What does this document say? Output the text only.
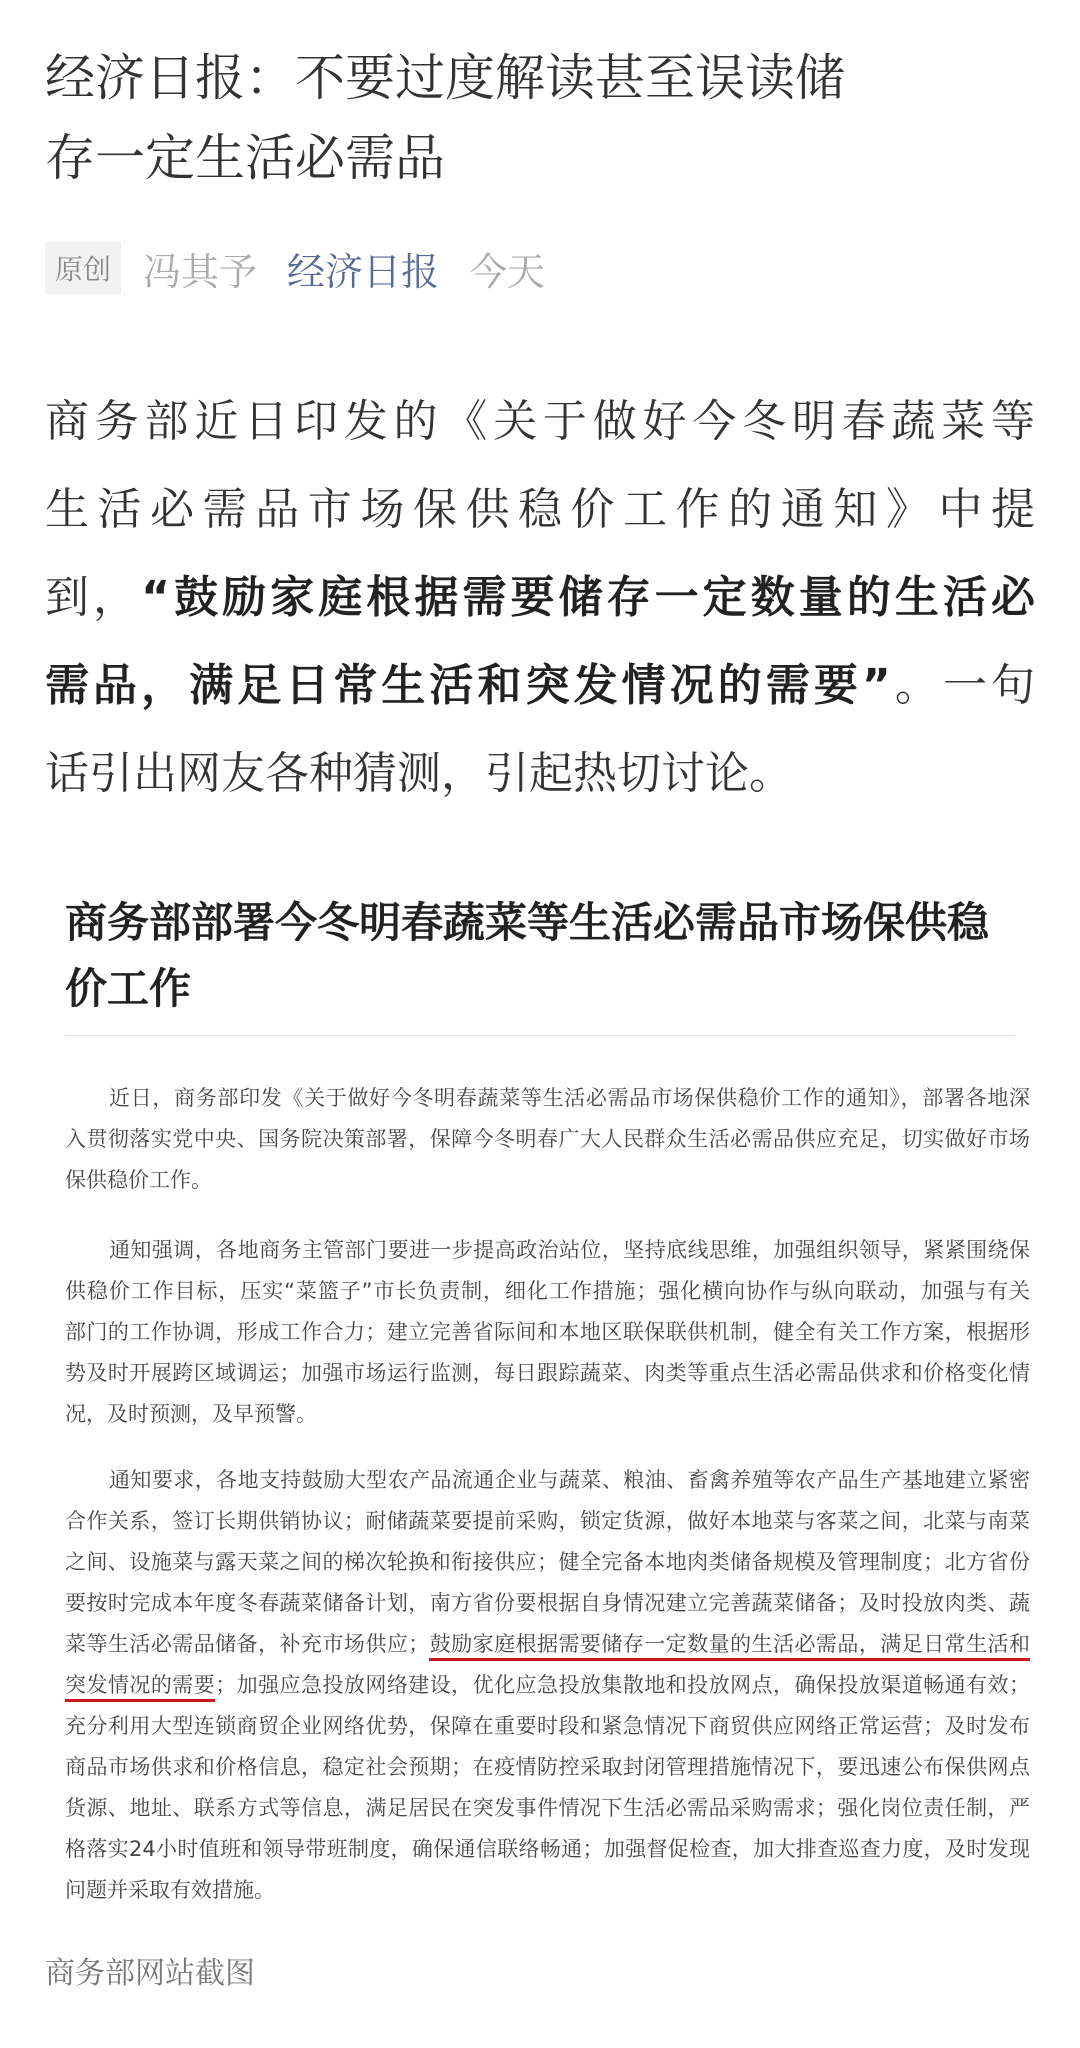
经济日报：不要过度解读甚至误读储
存一定生活必需品
原创 冯其予 经济日报 今天
商务部近日印发的《关于做好今冬明春蔬菜等
生活必需品市场保供稳价工作的通知》中提
到，“鼓励家庭根据需要储存一定数量的生活必
需品，满足日常生活和突发情况的需要”。一句
话引出网友各种猜测，引起热切讨论。
商务部部署今冬明春蔬菜等生活必需品市场保供稳
价工作
近日，商务部印发《关于做好今冬明春蔬菜等生活必需品市场保供稳价工作的通知》，部署各地深
入贯彻落实党中央、国务院决策部署，保障今冬明春广大人民群众生活必需品供应充足，切实做好市场
保供稳价工作。
通知强调，各地商务主管部门要进一步提高政治站位，坚持底线思维，加强组织领导，紧紧围绕保
供稳价工作目标，压实“菜篮子”市长负责制，细化工作措施；强化横向协作与纵向联动，加强与有关
部门的工作协调，形成工作合力；建立完善省际间和本地区联保联供机制，健全有关工作方案，根据形
势及时开展跨区域调运；加强市场运行监测，每日跟踪蔬菜、肉类等重点生活必需品供求和价格变化情
况，及时预测，及早预警。
通知要求，各地支持鼓励大型农产品流通企业与蔬菜、粮油、畜禽养殖等农产品生产基地建立紧密
合作关系，签订长期供销协议；耐储蔬菜要提前采购，锁定货源，做好本地菜与客菜之间，北菜与南菜
之间、设施菜与露天菜之间的梯次轮换和衔接供应；健全完备本地肉类储备规模及管理制度；北方省份
要按时完成本年度冬春蔬菜储备计划，南方省份要根据自身情况建立完善蔬菜储备；及时投放肉类、蔬
菜等生活必需品储备，补充市场供应；鼓励家庭根据需要储存一定数量的生活必需品，满足日常生活和
突发情况的需要；加强应急投放网络建设，优化应急投放集散地和投放网点，确保投放渠道畅通有效；
充分利用大型连锁商贸企业网络优势，保障在重要时段和紧急情况下商贸供应网络正常运营；及时发布
商品市场供求和价格信息，稳定社会预期；在疫情防控采取封闭管理措施情况下，要迅速公布保供网点
货源、地址、联系方式等信息，满足居民在突发事件情况下生活必需品采购需求；强化岗位责任制，严
格落实24小时值班和领导带班制度，确保通信联络畅通；加强督促检查，加大排查巡查力度，及时发现
问题并采取有效措施。
商务部网站截图
